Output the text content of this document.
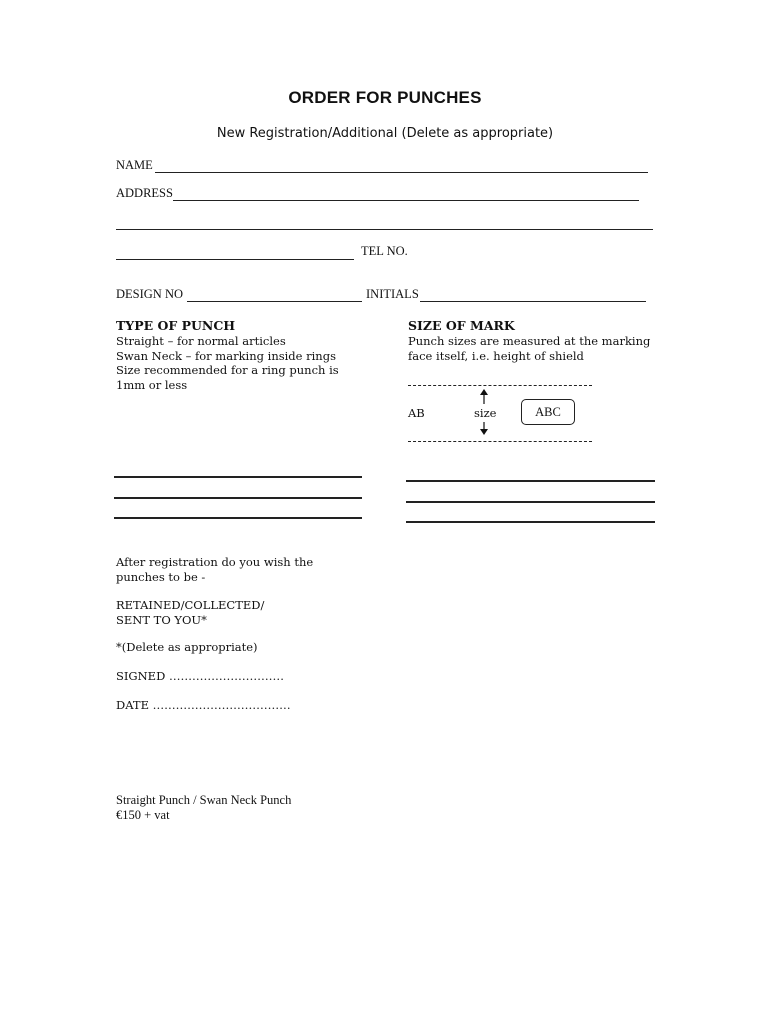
ORDER FOR PUNCHES
New Registration/Additional (Delete as appropriate)
NAME
ADDRESS
TEL NO.
DESIGN NO	INITIALS
TYPE OF PUNCH
Straight – for normal articles
Swan Neck – for marking inside rings
Size recommended for a ring punch is
1mm or less
SIZE OF MARK
Punch sizes are measured at the marking
face itself, i.e. height of shield
AB	size	ABC
After registration do you wish the
punches to be -
RETAINED/COLLECTED/
SENT TO YOU*
*(Delete as appropriate)
SIGNED …………………………
DATE ………………………………
Straight Punch / Swan Neck Punch
€150 + vat
